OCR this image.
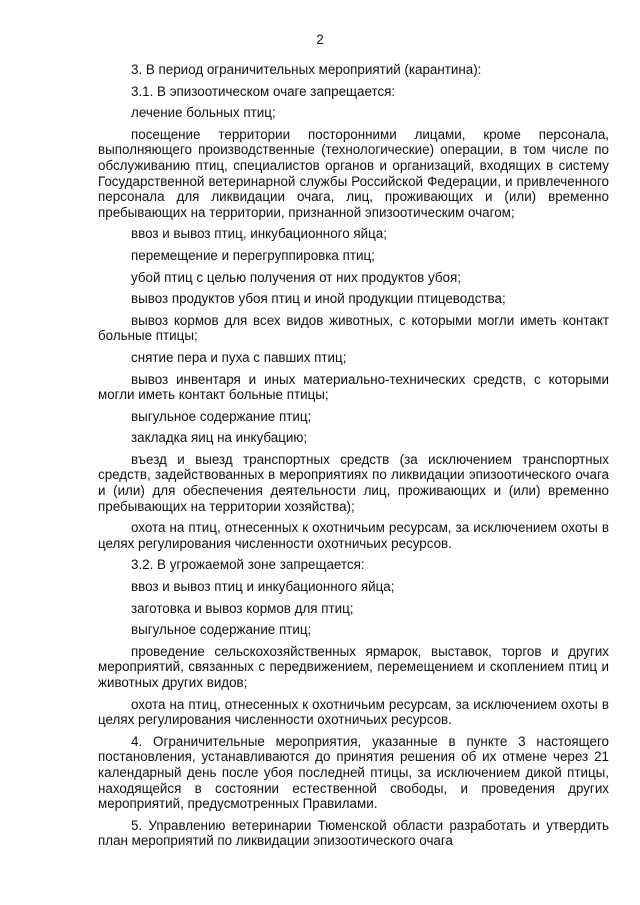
2

3. В период ограничительных мероприятий (карантина):

3.1. В эпизоотическом очаге запрещается:

лечение больных птиц;

посещение территории посторонними лицами, кроме персонала, выполняющего производственные (технологические) операции, в том числе по обслуживанию птиц, специалистов органов и организаций, входящих в систему Государственной ветеринарной службы Российской Федерации, и привлеченного персонала для ликвидации очага, лиц, проживающих и (или) временно пребывающих на территории, признанной эпизоотическим очагом;

ввоз и вывоз птиц, инкубационного яйца;

перемещение и перегруппировка птиц;

убой птиц с целью получения от них продуктов убоя;

вывоз продуктов убоя птиц и иной продукции птицеводства;

вывоз кормов для всех видов животных, с которыми могли иметь контакт больные птицы;

снятие пера и пуха с павших птиц;

вывоз инвентаря и иных материально-технических средств, с которыми могли иметь контакт больные птицы;

выгульное содержание птиц;

закладка яиц на инкубацию;

въезд и выезд транспортных средств (за исключением транспортных средств, задействованных в мероприятиях по ликвидации эпизоотического очага и (или) для обеспечения деятельности лиц, проживающих и (или) временно пребывающих на территории хозяйства);

охота на птиц, отнесенных к охотничьим ресурсам, за исключением охоты в целях регулирования численности охотничьих ресурсов.

3.2. В угрожаемой зоне запрещается:

ввоз и вывоз птиц и инкубационного яйца;

заготовка и вывоз кормов для птиц;

выгульное содержание птиц;

проведение сельскохозяйственных ярмарок, выставок, торгов и других мероприятий, связанных с передвижением, перемещением и скоплением птиц и животных других видов;

охота на птиц, отнесенных к охотничьим ресурсам, за исключением охоты в целях регулирования численности охотничьих ресурсов.

4. Ограничительные мероприятия, указанные в пункте 3 настоящего постановления, устанавливаются до принятия решения об их отмене через 21 календарный день после убоя последней птицы, за исключением дикой птицы, находящейся в состоянии естественной свободы, и проведения других мероприятий, предусмотренных Правилами.

5. Управлению ветеринарии Тюменской области разработать и утвердить план мероприятий по ликвидации эпизоотического очага
